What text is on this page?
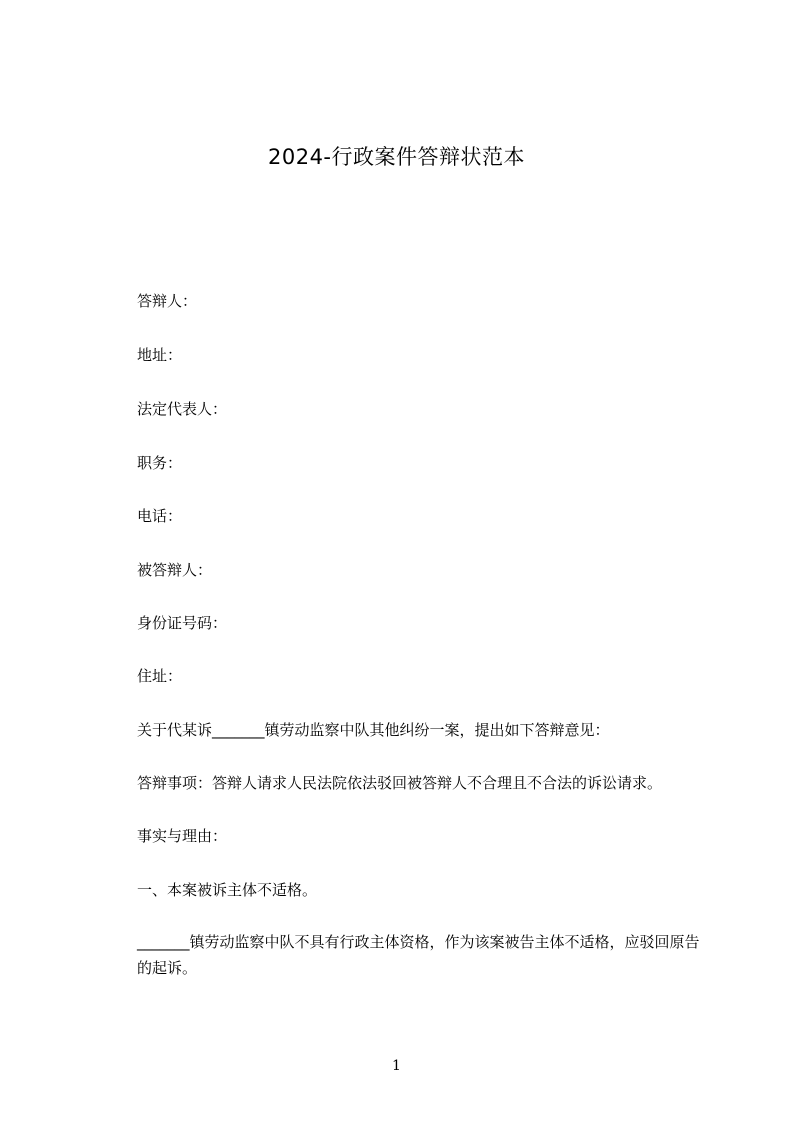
2024-行政案件答辩状范本
答辩人：
地址：
法定代表人：
职务：
电话：
被答辩人：
身份证号码：
住址：
关于代某诉_______镇劳动监察中队其他纠纷一案，提出如下答辩意见：
答辩事项：答辩人请求人民法院依法驳回被答辩人不合理且不合法的诉讼请求。
事实与理由：
一、本案被诉主体不适格。
_______镇劳动监察中队不具有行政主体资格，作为该案被告主体不适格，应驳回原告的起诉。
1
